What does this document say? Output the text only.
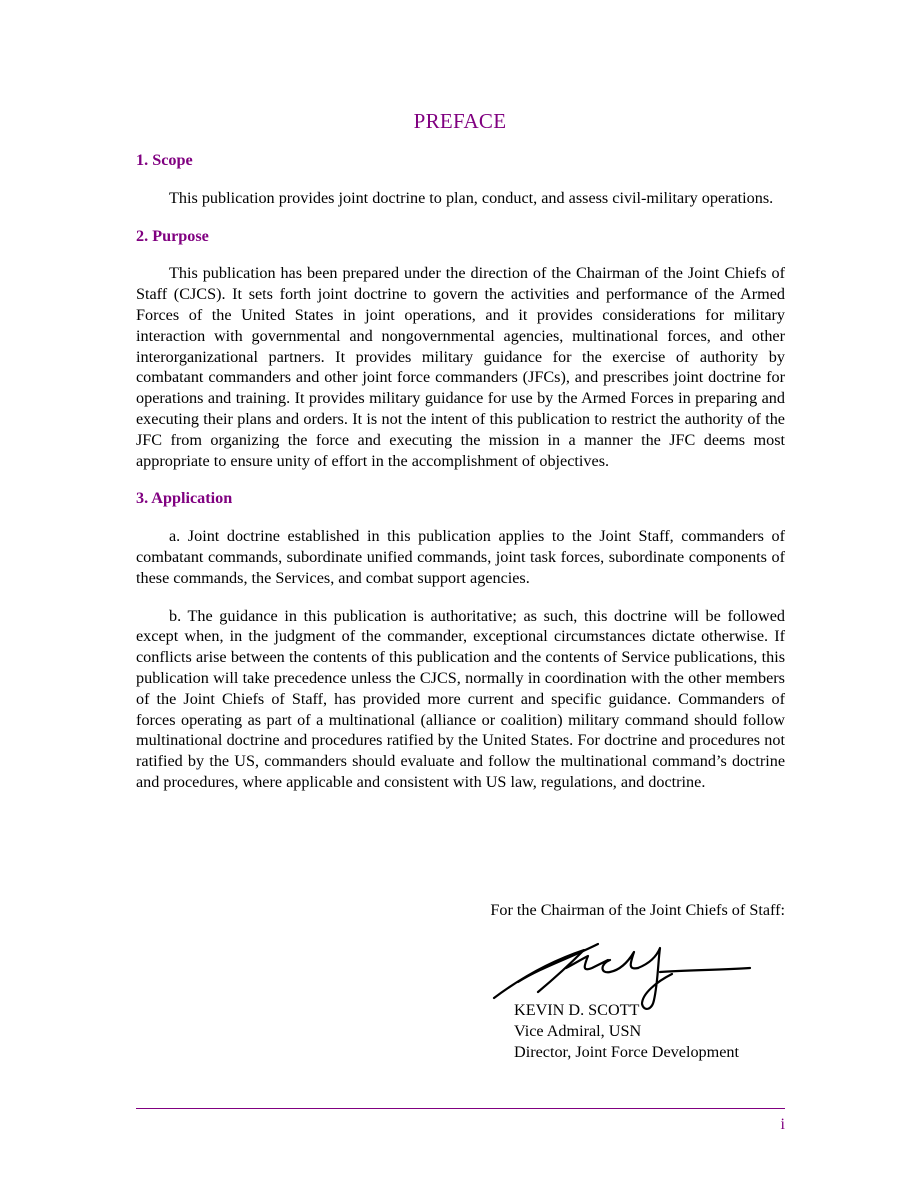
PREFACE
1. Scope

This publication provides joint doctrine to plan, conduct, and assess civil-military operations.

2. Purpose

This publication has been prepared under the direction of the Chairman of the Joint Chiefs of Staff (CJCS). It sets forth joint doctrine to govern the activities and performance of the Armed Forces of the United States in joint operations, and it provides considerations for military interaction with governmental and nongovernmental agencies, multinational forces, and other interorganizational partners. It provides military guidance for the exercise of authority by combatant commanders and other joint force commanders (JFCs), and prescribes joint doctrine for operations and training. It provides military guidance for use by the Armed Forces in preparing and executing their plans and orders. It is not the intent of this publication to restrict the authority of the JFC from organizing the force and executing the mission in a manner the JFC deems most appropriate to ensure unity of effort in the accomplishment of objectives.

3. Application

a. Joint doctrine established in this publication applies to the Joint Staff, commanders of combatant commands, subordinate unified commands, joint task forces, subordinate components of these commands, the Services, and combat support agencies.

b. The guidance in this publication is authoritative; as such, this doctrine will be followed except when, in the judgment of the commander, exceptional circumstances dictate otherwise. If conflicts arise between the contents of this publication and the contents of Service publications, this publication will take precedence unless the CJCS, normally in coordination with the other members of the Joint Chiefs of Staff, has provided more current and specific guidance. Commanders of forces operating as part of a multinational (alliance or coalition) military command should follow multinational doctrine and procedures ratified by the United States. For doctrine and procedures not ratified by the US, commanders should evaluate and follow the multinational command’s doctrine and procedures, where applicable and consistent with US law, regulations, and doctrine.

For the Chairman of the Joint Chiefs of Staff:
KEVIN D. SCOTT
Vice Admiral, USN
Director, Joint Force Development
i
